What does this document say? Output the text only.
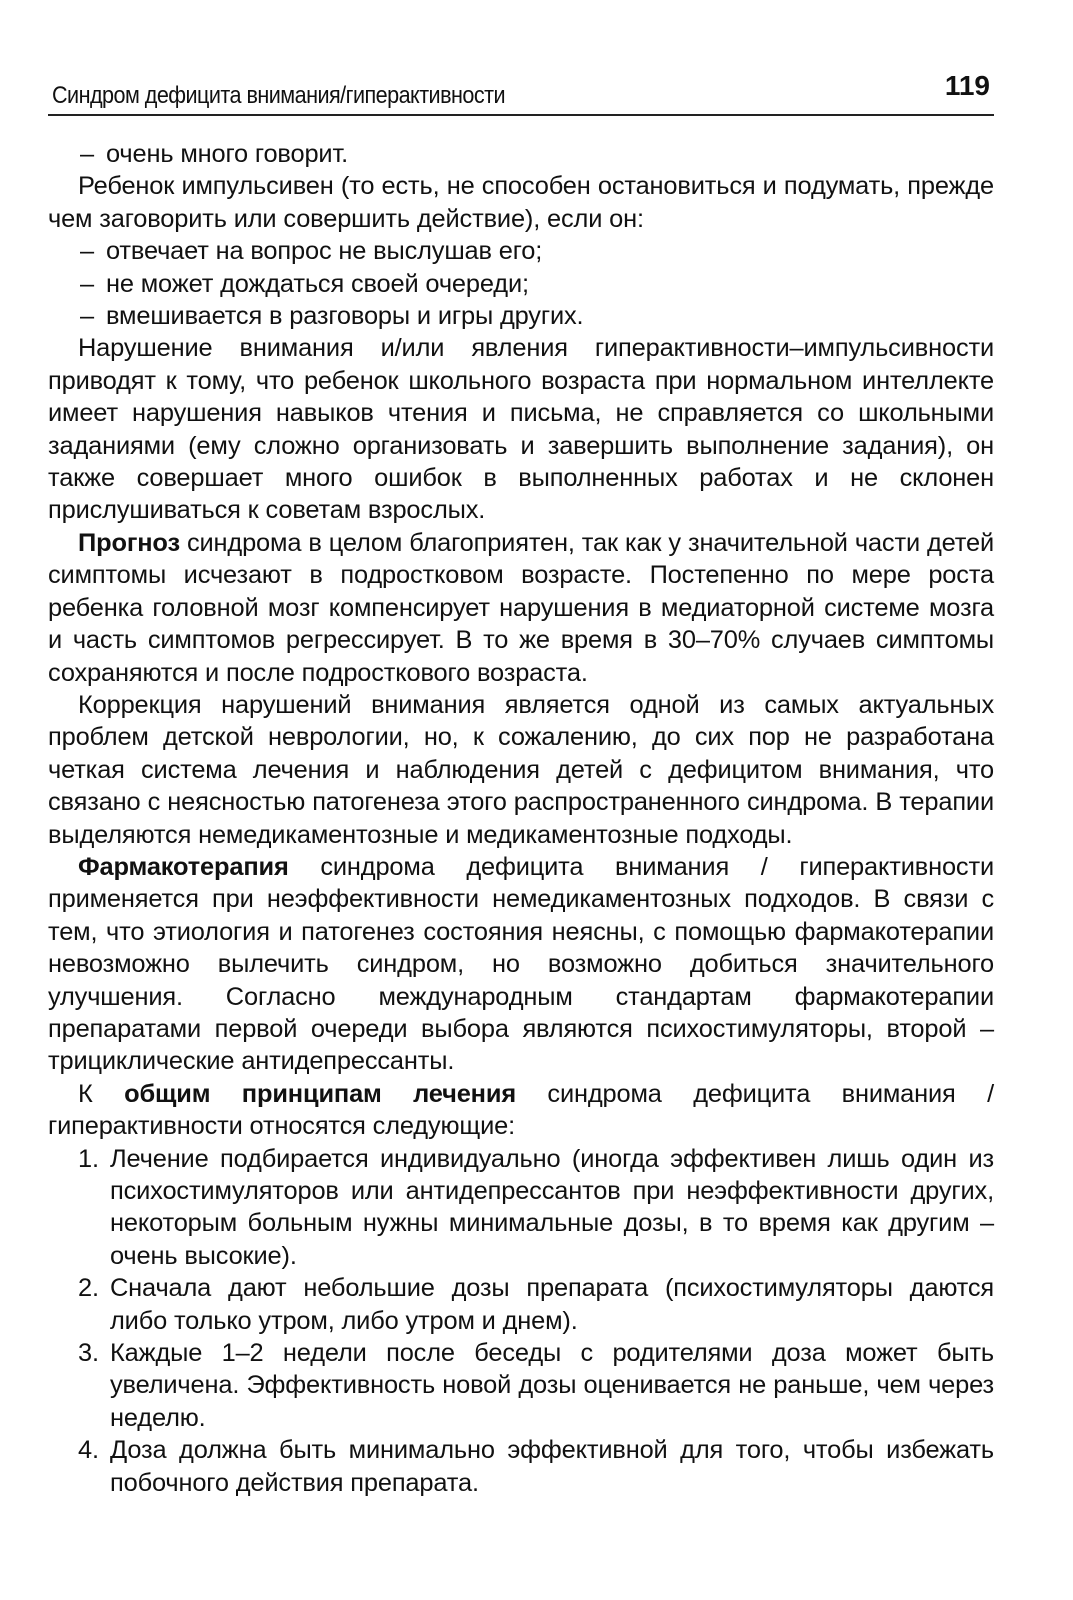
Синдром дефицита внимания/гиперактивности	119

– очень много говорит.

Ребенок импульсивен (то есть, не способен остановиться и подумать, прежде чем заговорить или совершить действие), если он:

– отвечает на вопрос не выслушав его;

– не может дождаться своей очереди;

– вмешивается в разговоры и игры других.

Нарушение внимания и/или явления гиперактивности–импульсивности приводят к тому, что ребенок школьного возраста при нормальном интеллекте имеет нарушения навыков чтения и письма, не справляется со школьными заданиями (ему сложно организовать и завершить выполнение задания), он также совершает много ошибок в выполненных работах и не склонен прислушиваться к советам взрослых.

Прогноз синдрома в целом благоприятен, так как у значительной части детей симптомы исчезают в подростковом возрасте. Постепенно по мере роста ребенка головной мозг компенсирует нарушения в медиаторной системе мозга и часть симптомов регрессирует. В то же время в 30–70% случаев симптомы сохраняются и после подросткового возраста.

Коррекция нарушений внимания является одной из самых актуальных проблем детской неврологии, но, к сожалению, до сих пор не разработана четкая система лечения и наблюдения детей с дефицитом внимания, что связано с неясностью патогенеза этого распространенного синдрома. В терапии выделяются немедикаментозные и медикаментозные подходы.

Фармакотерапия синдрома дефицита внимания / гиперактивности применяется при неэффективности немедикаментозных подходов. В связи с тем, что этиология и патогенез состояния неясны, с помощью фармакотерапии невозможно вылечить синдром, но возможно добиться значительного улучшения. Согласно международным стандартам фармакотерапии препаратами первой очереди выбора являются психостимуляторы, второй – трициклические антидепрессанты.

К общим принципам лечения синдрома дефицита внимания / гиперактивности относятся следующие:

1. Лечение подбирается индивидуально (иногда эффективен лишь один из психостимуляторов или антидепрессантов при неэффективности других, некоторым больным нужны минимальные дозы, в то время как другим – очень высокие).

2. Сначала дают небольшие дозы препарата (психостимуляторы даются либо только утром, либо утром и днем).

3. Каждые 1–2 недели после беседы с родителями доза может быть увеличена. Эффективность новой дозы оценивается не раньше, чем через неделю.

4. Доза должна быть минимально эффективной для того, чтобы избежать побочного действия препарата.
